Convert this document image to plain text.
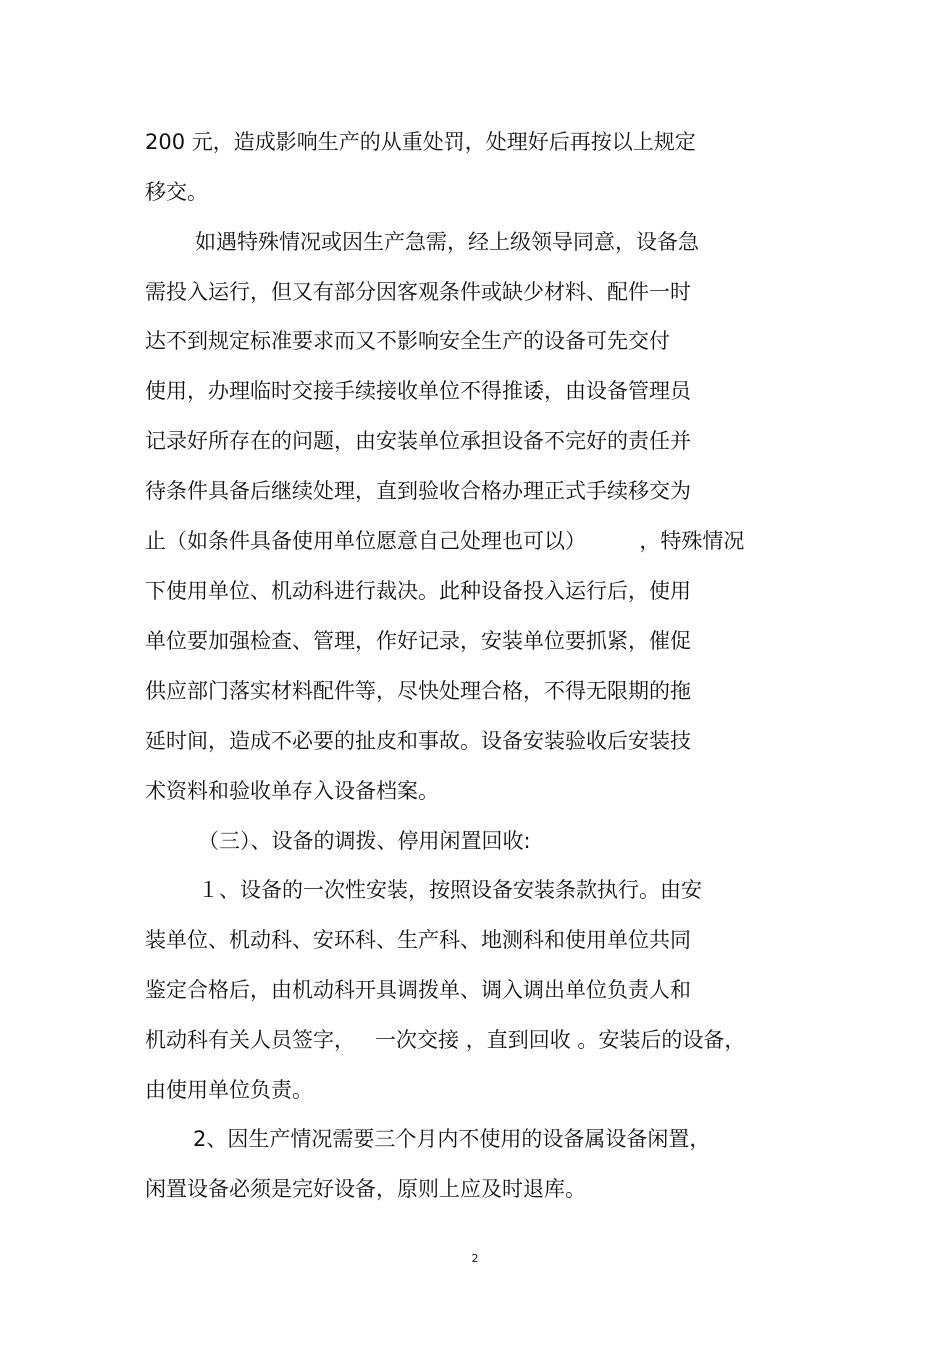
200 元，造成影响生产的从重处罚，处理好后再按以上规定
移交。
如遇特殊情况或因生产急需，经上级领导同意，设备急
需投入运行，但又有部分因客观条件或缺少材料、配件一时
达不到规定标准要求而又不影响安全生产的设备可先交付
使用，办理临时交接手续接收单位不得推诿，由设备管理员
记录好所存在的问题，由安装单位承担设备不完好的责任并
待条件具备后继续处理，直到验收合格办理正式手续移交为
止（如条件具备使用单位愿意自己处理也可以）        ，特殊情况
下使用单位、机动科进行裁决。此种设备投入运行后，使用
单位要加强检查、管理，作好记录，安装单位要抓紧，催促
供应部门落实材料配件等，尽快处理合格，不得无限期的拖
延时间，造成不必要的扯皮和事故。设备安装验收后安装技
术资料和验收单存入设备档案。
（三）、设备的调拨、停用闲置回收:
１、设备的一次性安装，按照设备安装条款执行。由安
装单位、机动科、安环科、生产科、地测科和使用单位共同
鉴定合格后，由机动科开具调拨单、调入调出单位负责人和
机动科有关人员签字，   一次交接 ，直到回收 。安装后的设备，
由使用单位负责。
2、因生产情况需要三个月内不使用的设备属设备闲置，
闲置设备必须是完好设备，原则上应及时退库。
2
